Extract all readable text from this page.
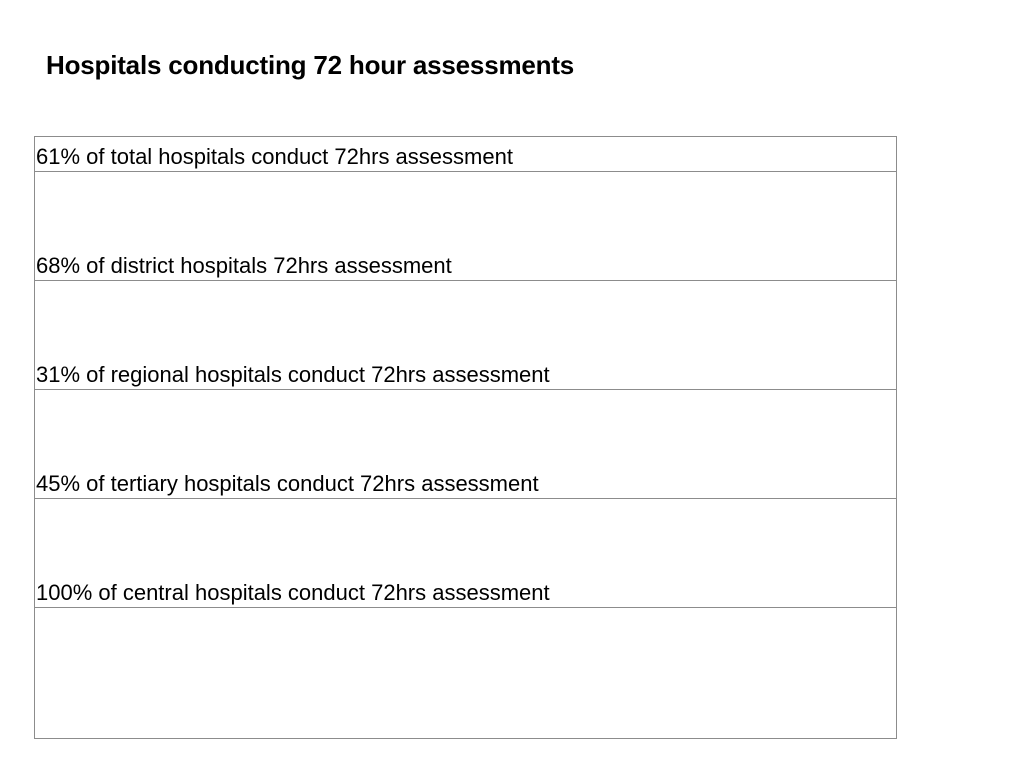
Hospitals conducting 72 hour assessments
61% of total hospitals conduct 72hrs assessment
68% of district hospitals 72hrs assessment
31% of regional hospitals conduct 72hrs assessment
45% of tertiary hospitals conduct 72hrs assessment
100% of central hospitals conduct 72hrs assessment
